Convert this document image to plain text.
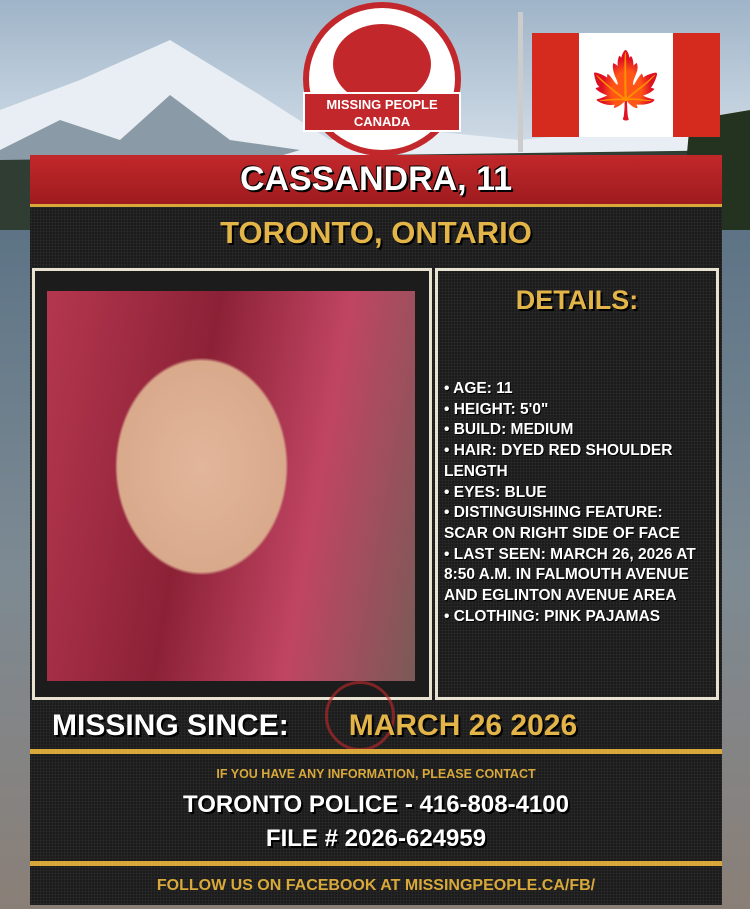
🍁
MISSING PEOPLE
CANADA
CASSANDRA, 11
TORONTO, ONTARIO
DETAILS:
• AGE: 11
• HEIGHT: 5'0"
• BUILD: MEDIUM
• HAIR: DYED RED SHOULDER LENGTH
• EYES: BLUE
• DISTINGUISHING FEATURE: SCAR ON RIGHT SIDE OF FACE
• LAST SEEN: MARCH 26, 2026 AT 8:50 A.M. IN FALMOUTH AVENUE AND EGLINTON AVENUE AREA
• CLOTHING: PINK PAJAMAS
MISSING SINCE: MARCH 26 2026
IF YOU HAVE ANY INFORMATION, PLEASE CONTACT
TORONTO POLICE - 416-808-4100
FILE # 2026-624959
FOLLOW US ON FACEBOOK AT MISSINGPEOPLE.CA/FB/
